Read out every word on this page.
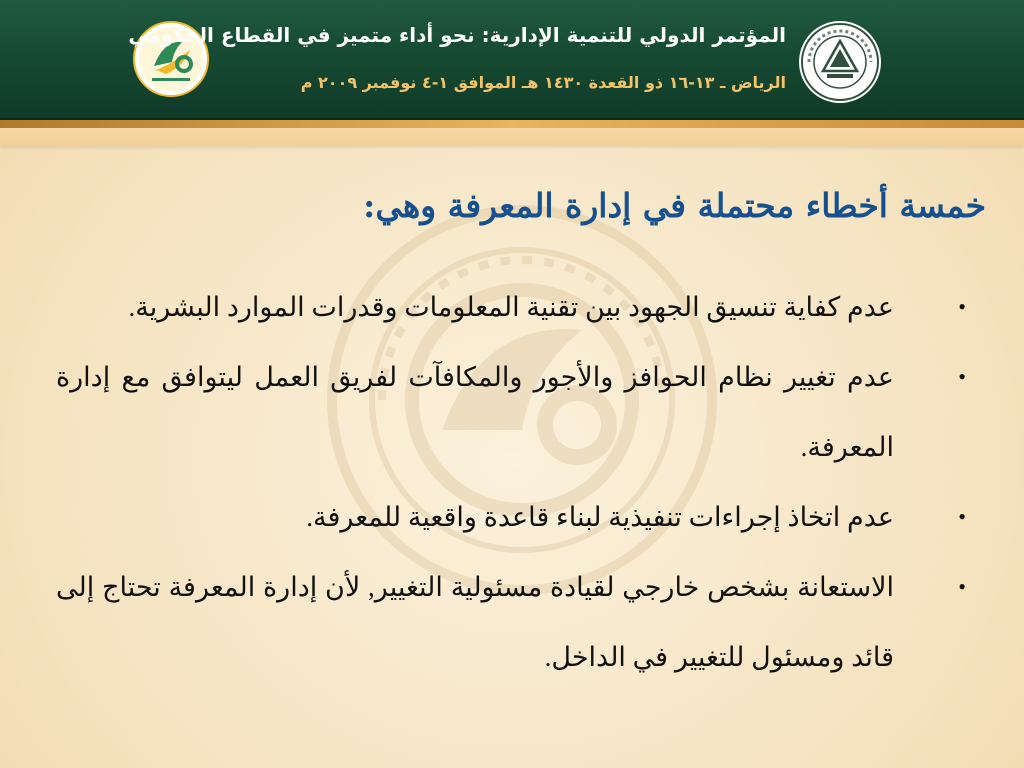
المؤتمر الدولي للتنمية الإدارية: نحو أداء متميز في القطاع الحكومي
الرياض ـ ١٣-١٦ ذو القعدة ١٤٣٠ هـ الموافق ١-٤ نوفمبر ٢٠٠٩ م
خمسة أخطاء محتملة في إدارة المعرفة وهي:
•
عدم كفاية تنسيق الجهود بين تقنية المعلومات وقدرات الموارد البشرية.
•
عدم تغيير نظام الحوافز والأجور والمكافآت لفريق العمل ليتوافق مع إدارة المعرفة.
•
عدم اتخاذ إجراءات تنفيذية لبناء قاعدة واقعية للمعرفة.
•
الاستعانة بشخص خارجي لقيادة مسئولية التغيير, لأن إدارة المعرفة تحتاج إلى قائد ومسئول للتغيير في الداخل.
